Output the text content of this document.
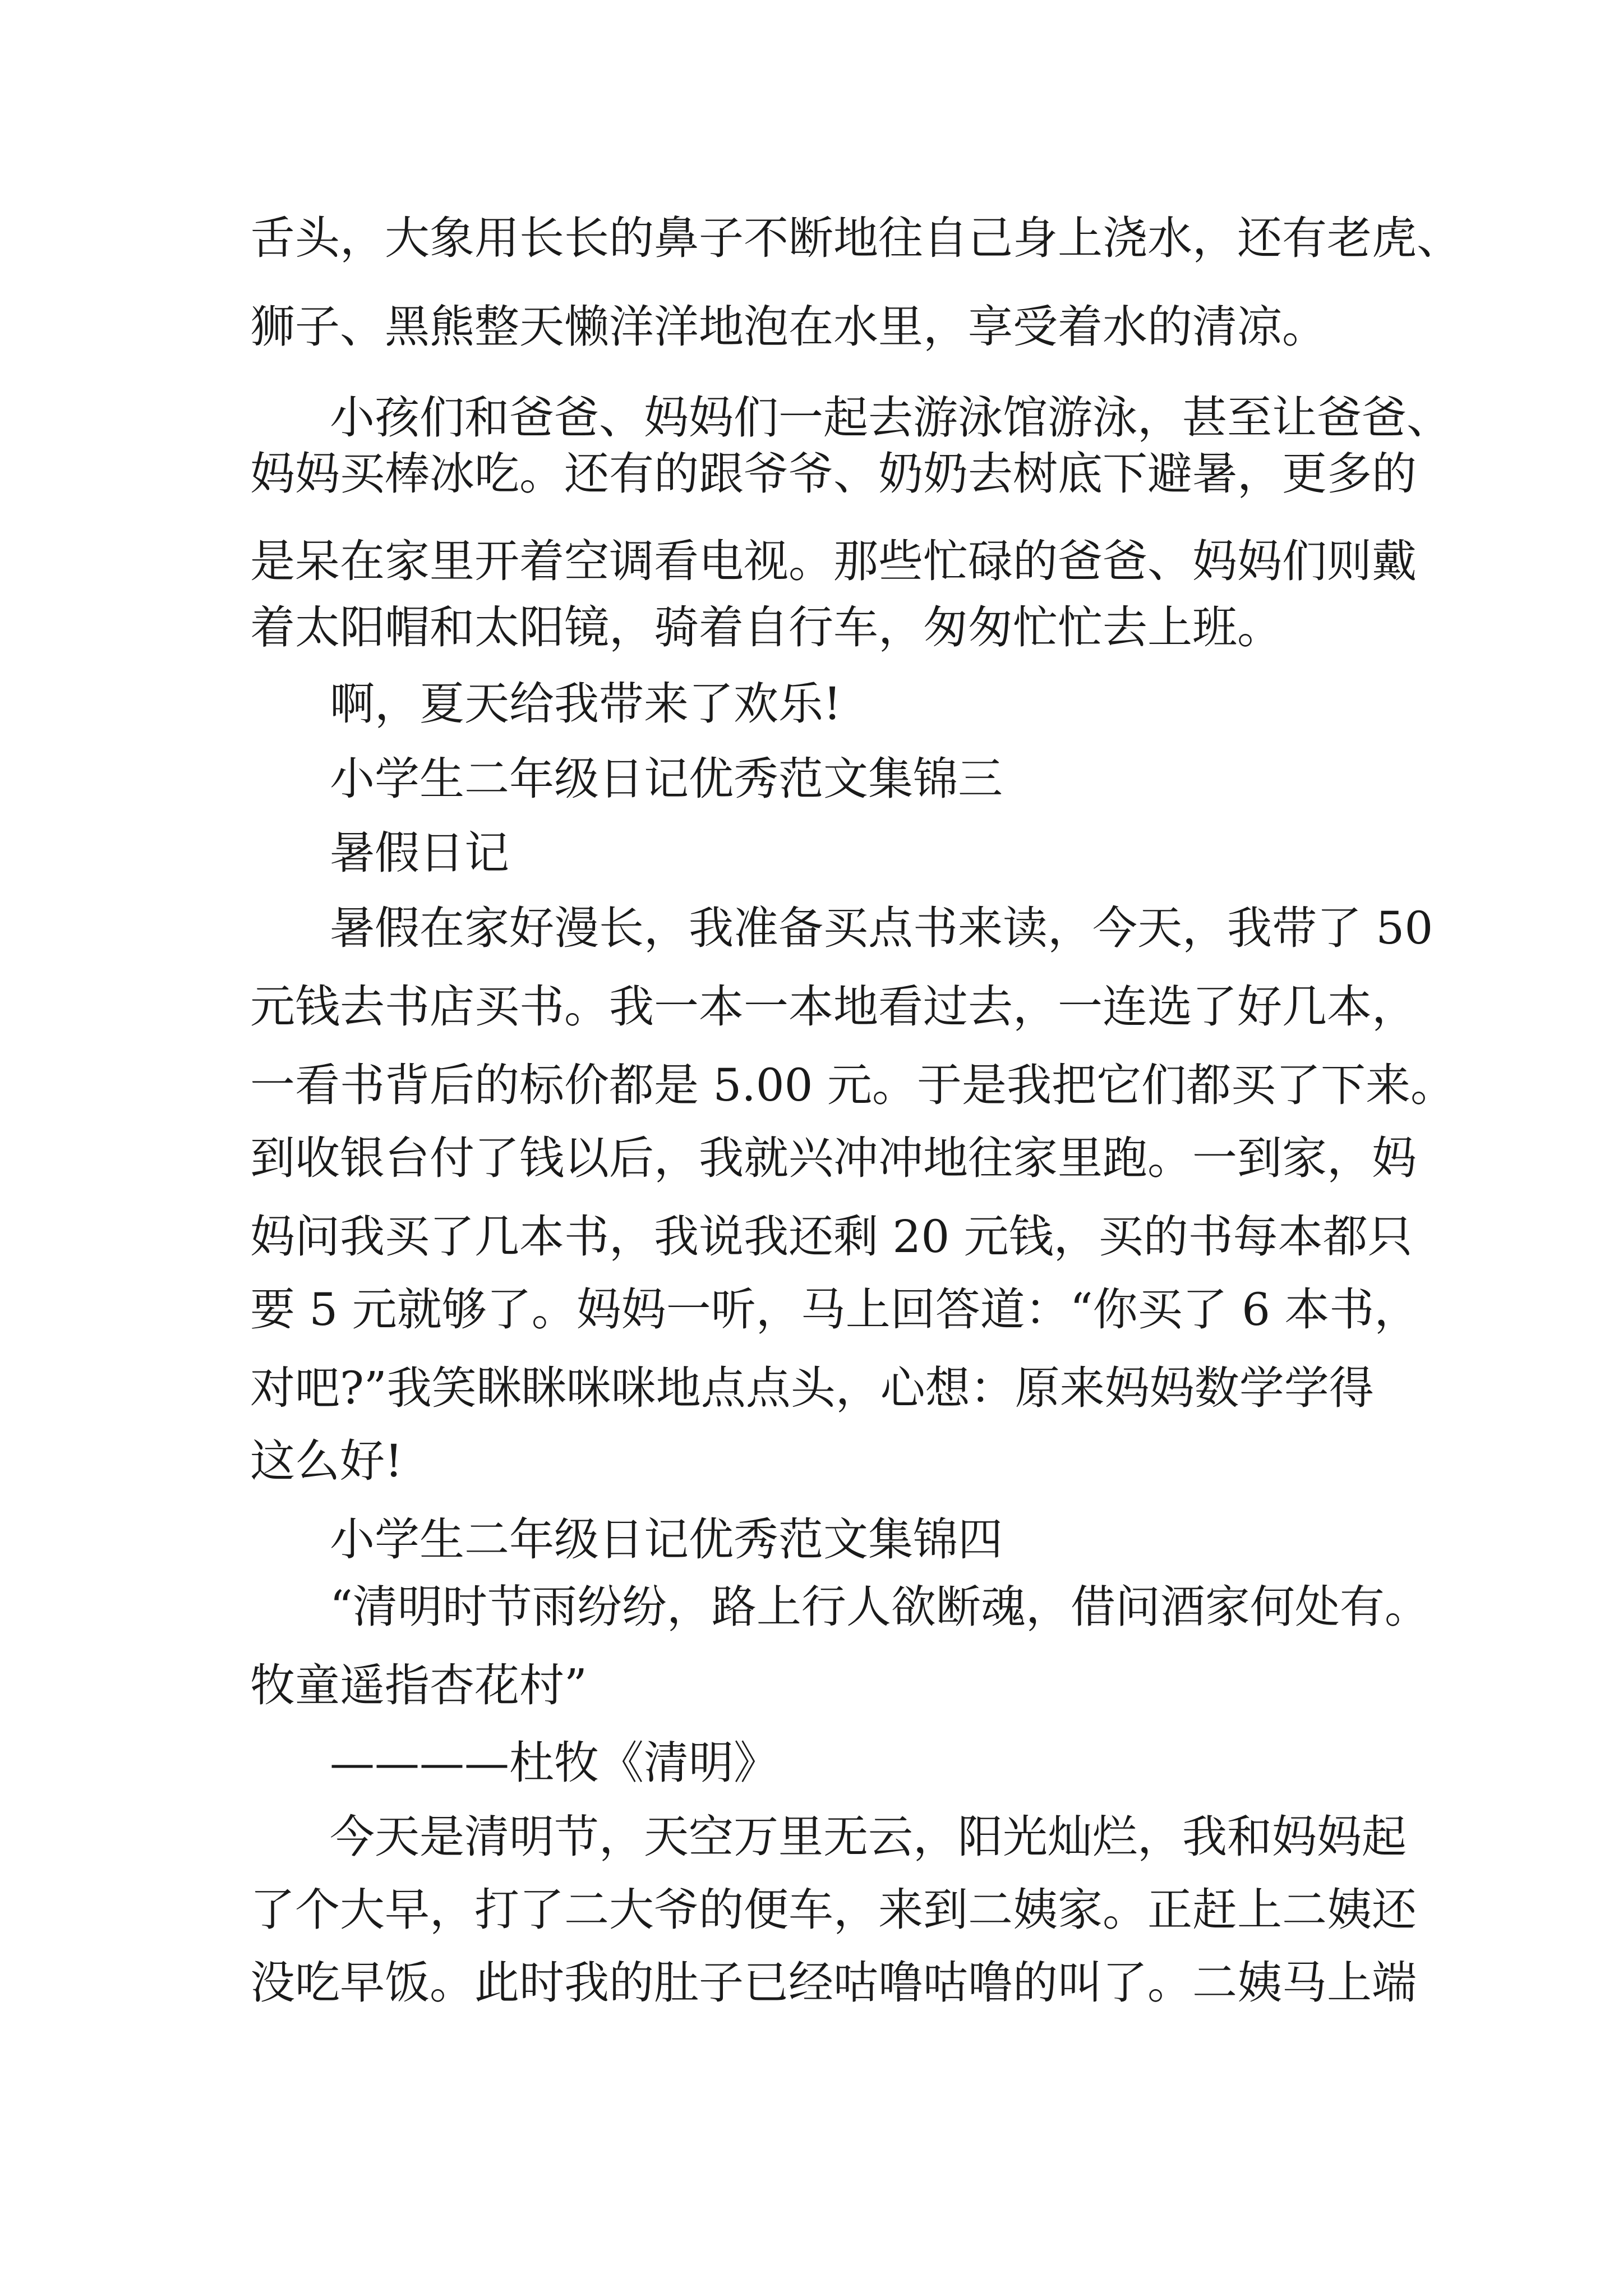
舌头，大象用长长的鼻子不断地往自己身上浇水，还有老虎、
狮子、黑熊整天懒洋洋地泡在水里，享受着水的清凉。
小孩们和爸爸、妈妈们一起去游泳馆游泳，甚至让爸爸、
妈妈买棒冰吃。还有的跟爷爷、奶奶去树底下避暑，更多的
是呆在家里开着空调看电视。那些忙碌的爸爸、妈妈们则戴
着太阳帽和太阳镜，骑着自行车，匆匆忙忙去上班。
啊，夏天给我带来了欢乐!
小学生二年级日记优秀范文集锦三
暑假日记
暑假在家好漫长，我准备买点书来读，今天，我带了 50
元钱去书店买书。我一本一本地看过去，一连选了好几本，
一看书背后的标价都是 5.00 元。于是我把它们都买了下来。
到收银台付了钱以后，我就兴冲冲地往家里跑。一到家，妈
妈问我买了几本书，我说我还剩 20 元钱，买的书每本都只
要 5 元就够了。妈妈一听，马上回答道：“你买了 6 本书，
对吧?”我笑眯眯咪咪地点点头，心想：原来妈妈数学学得
这么好!
小学生二年级日记优秀范文集锦四
“清明时节雨纷纷，路上行人欲断魂，借问酒家何处有。
牧童遥指杏花村”
————杜牧《清明》
今天是清明节，天空万里无云，阳光灿烂，我和妈妈起
了个大早，打了二大爷的便车，来到二姨家。正赶上二姨还
没吃早饭。此时我的肚子已经咕噜咕噜的叫了。二姨马上端
